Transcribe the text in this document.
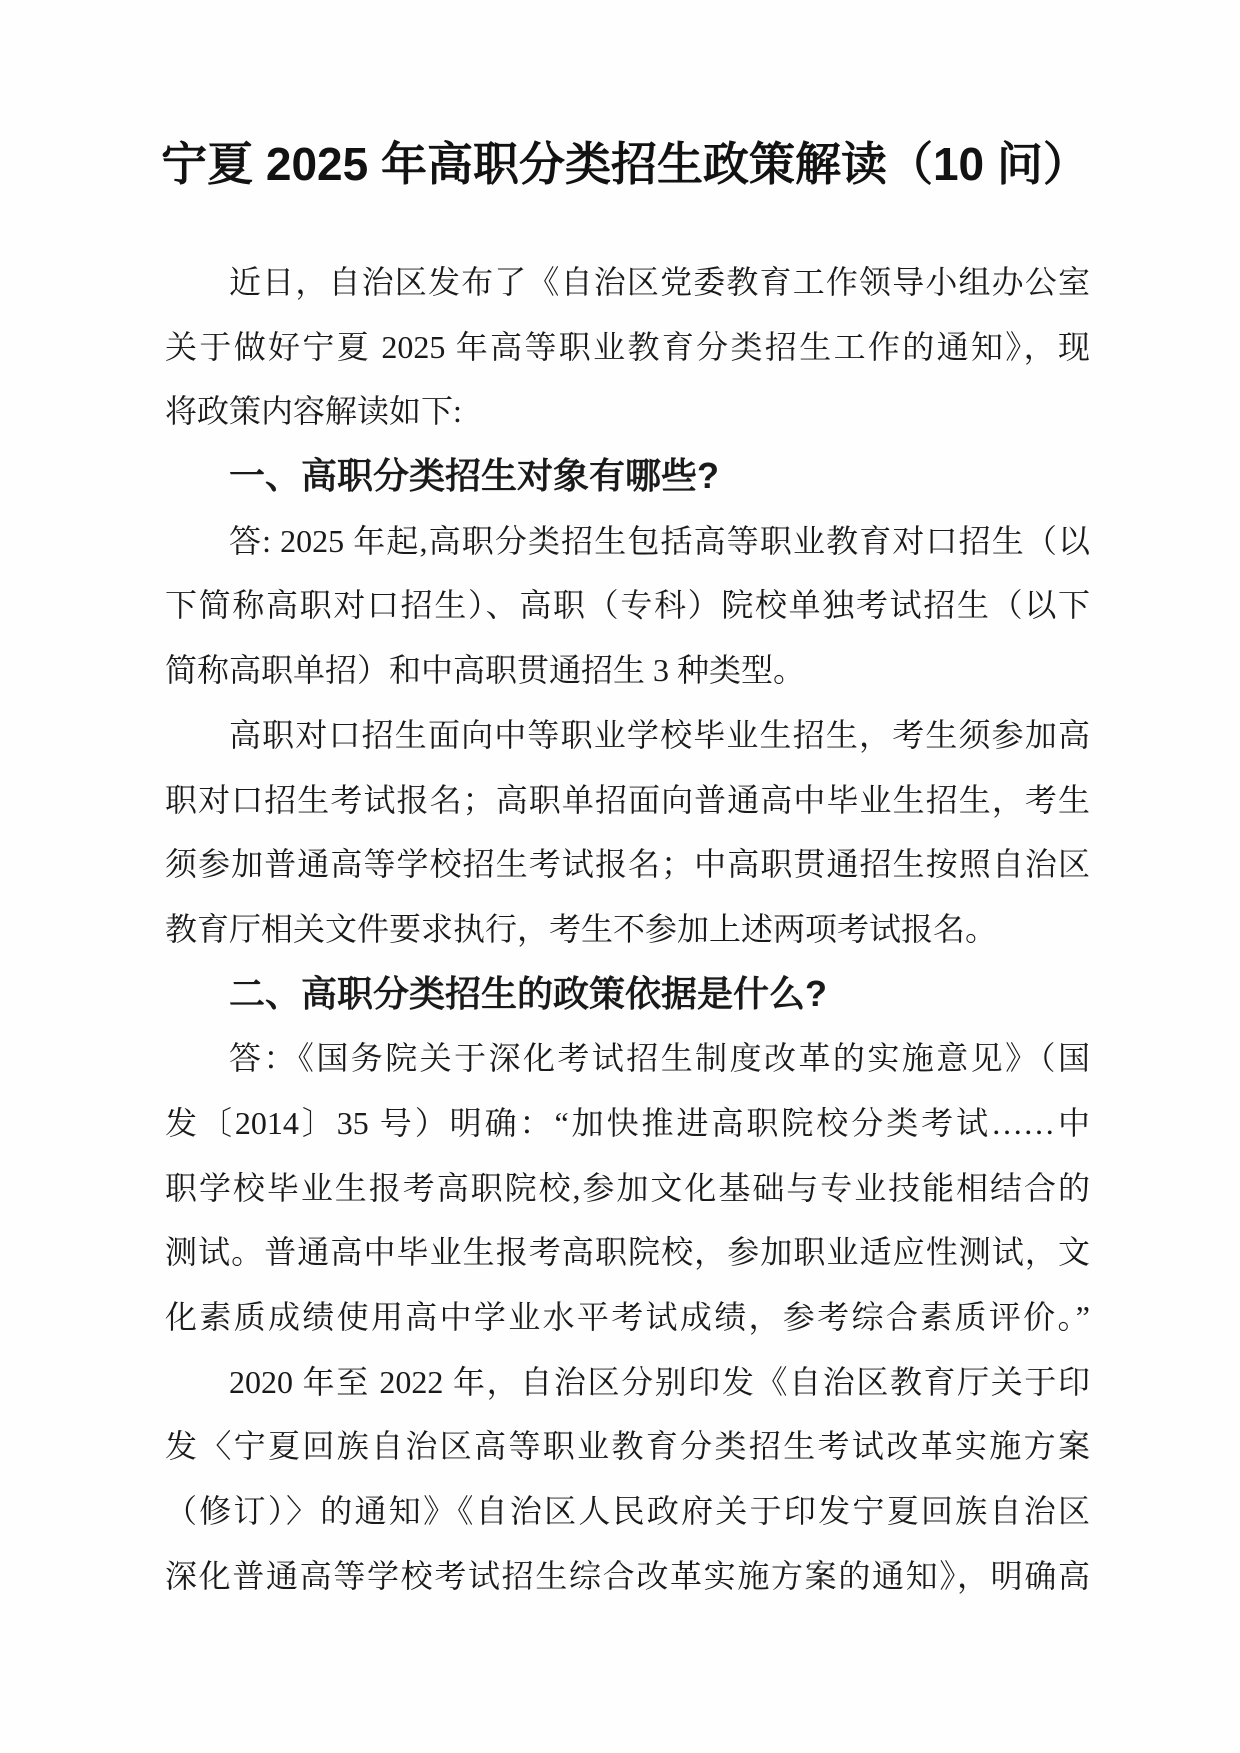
宁夏 2025 年高职分类招生政策解读（10 问）
近日，自治区发布了《自治区党委教育工作领导小组办公室
关于做好宁夏 2025 年高等职业教育分类招生工作的通知》，现
将政策内容解读如下:
一、高职分类招生对象有哪些?
答: 2025 年起,高职分类招生包括高等职业教育对口招生（以
下简称高职对口招生）、高职（专科）院校单独考试招生（以下
简称高职单招）和中高职贯通招生 3 种类型。
高职对口招生面向中等职业学校毕业生招生，考生须参加高
职对口招生考试报名；高职单招面向普通高中毕业生招生，考生
须参加普通高等学校招生考试报名；中高职贯通招生按照自治区
教育厅相关文件要求执行，考生不参加上述两项考试报名。
二、高职分类招生的政策依据是什么?
答：《国务院关于深化考试招生制度改革的实施意见》（国
发〔2014〕35 号）明确：“加快推进高职院校分类考试……中
职学校毕业生报考高职院校,参加文化基础与专业技能相结合的
测试。普通高中毕业生报考高职院校，参加职业适应性测试，文
化素质成绩使用高中学业水平考试成绩，参考综合素质评价。”
2020 年至 2022 年，自治区分别印发《自治区教育厅关于印
发〈宁夏回族自治区高等职业教育分类招生考试改革实施方案
（修订）〉的通知》《自治区人民政府关于印发宁夏回族自治区
深化普通高等学校考试招生综合改革实施方案的通知》，明确高
